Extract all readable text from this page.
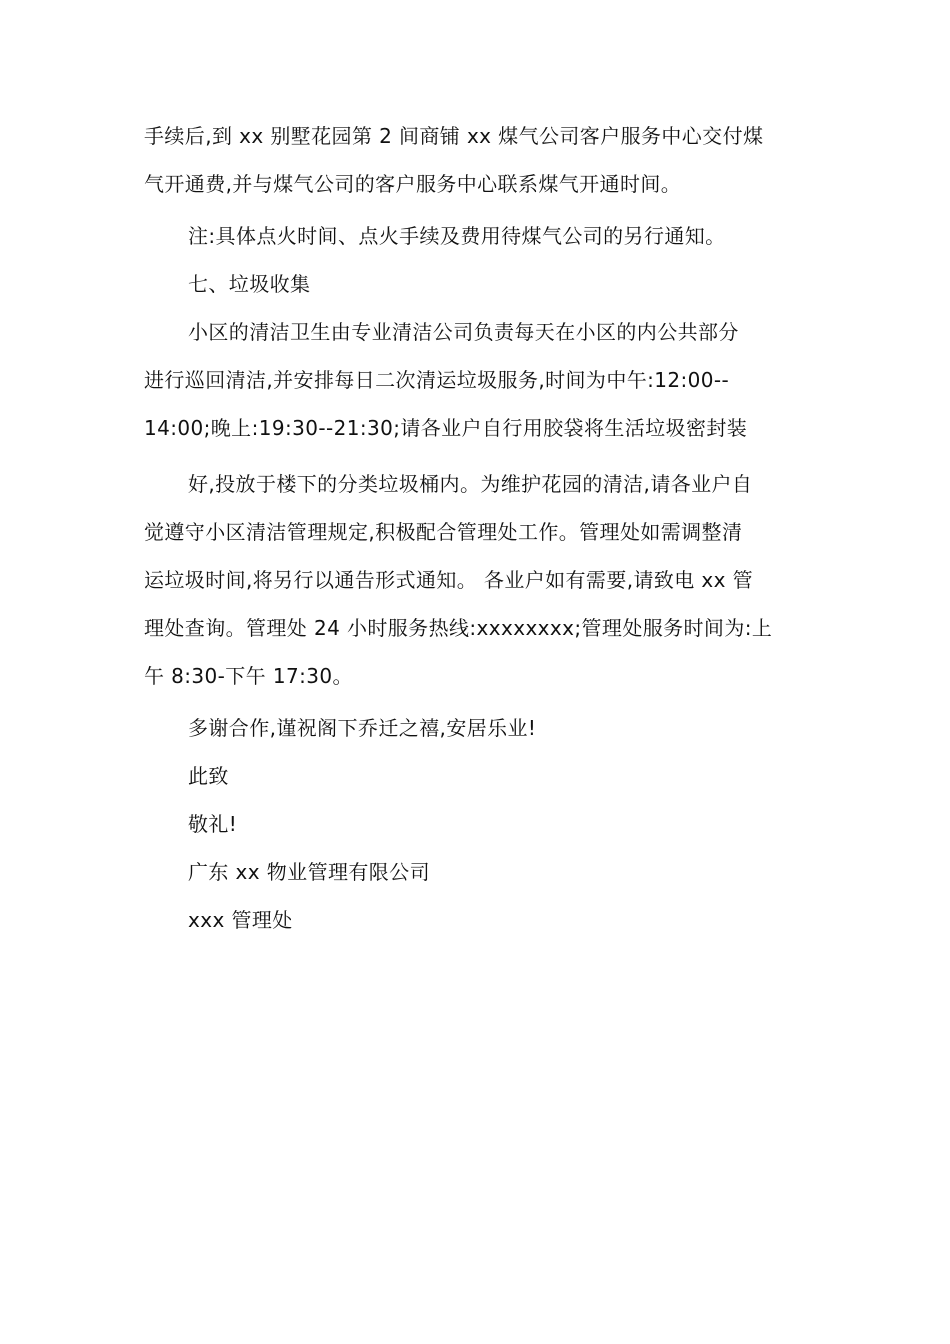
手续后,到 xx 别墅花园第 2 间商铺 xx 煤气公司客户服务中心交付煤
气开通费,并与煤气公司的客户服务中心联系煤气开通时间。
注:具体点火时间、点火手续及费用待煤气公司的另行通知。
七、垃圾收集
小区的清洁卫生由专业清洁公司负责每天在小区的内公共部分
进行巡回清洁,并安排每日二次清运垃圾服务,时间为中午:12:00--
14:00;晚上:19:30--21:30;请各业户自行用胶袋将生活垃圾密封装
好,投放于楼下的分类垃圾桶内。为维护花园的清洁,请各业户自
觉遵守小区清洁管理规定,积极配合管理处工作。管理处如需调整清
运垃圾时间,将另行以通告形式通知。 各业户如有需要,请致电 xx 管
理处查询。管理处 24 小时服务热线:xxxxxxxx;管理处服务时间为:上
午 8:30-下午 17:30。
多谢合作,谨祝阁下乔迁之禧,安居乐业!
此致
敬礼!
广东 xx 物业管理有限公司
xxx 管理处
